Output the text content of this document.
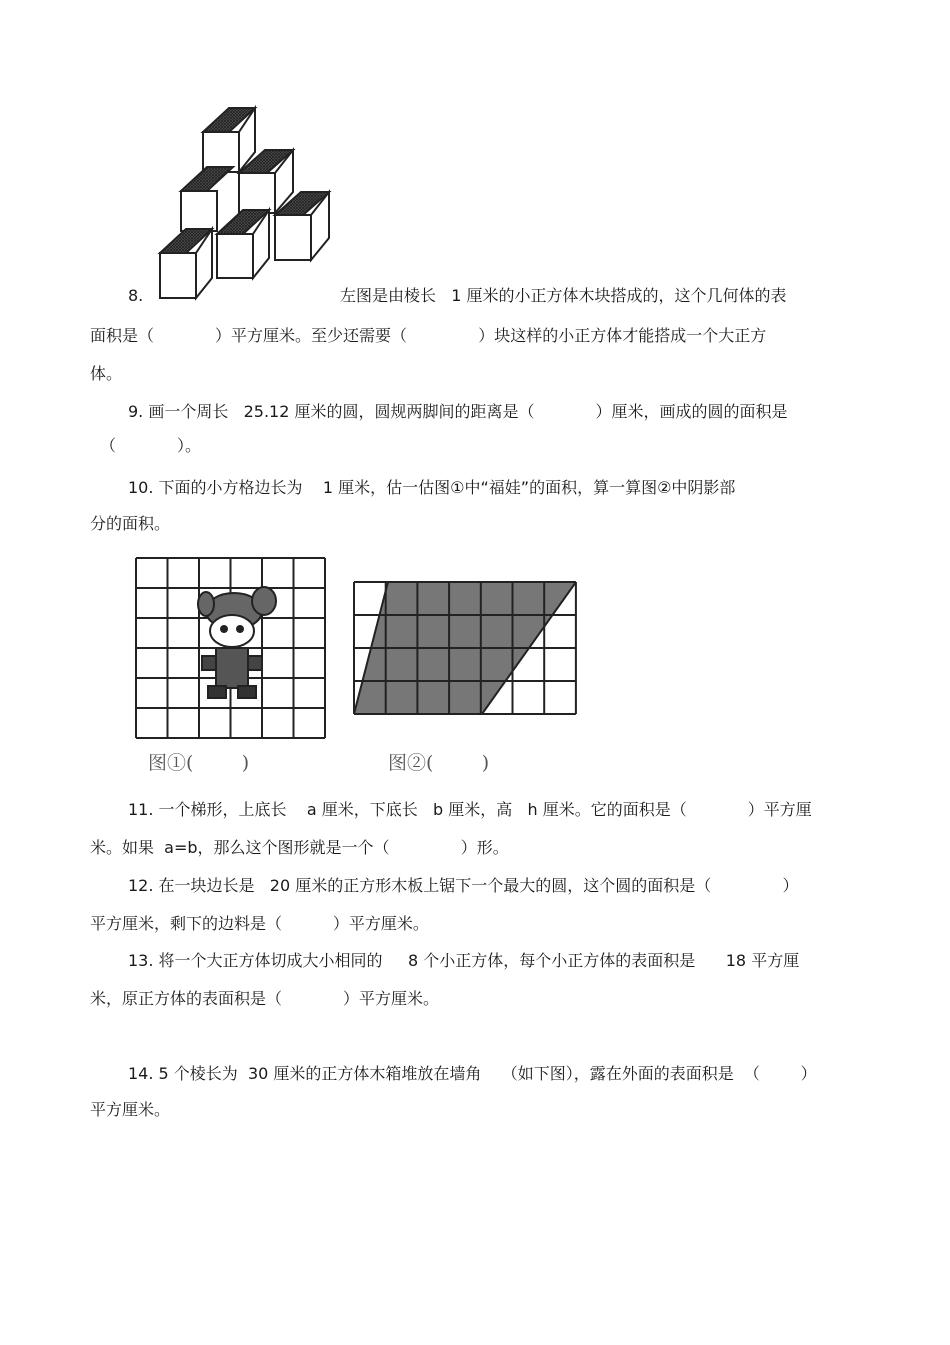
8.	左图是由棱长   1 厘米的小正方体木块搭成的，这个几何体的表
面积是（            ）平方厘米。至少还需要（              ）块这样的小正方体才能搭成一个大正方
体。
9. 画一个周长   25.12 厘米的圆，圆规两脚间的距离是（            ）厘米，画成的圆的面积是
（            ）。
10. 下面的小方格边长为    1 厘米，估一估图①中“福娃”的面积，算一算图②中阴影部
分的面积。
图①(        )	图②(        )
11. 一个梯形，上底长    a 厘米，下底长   b 厘米，高   h 厘米。它的面积是（            ）平方厘
米。如果  a=b，那么这个图形就是一个（              ）形。
12. 在一块边长是   20 厘米的正方形木板上锯下一个最大的圆，这个圆的面积是（              ）
平方厘米，剩下的边料是（          ）平方厘米。
13. 将一个大正方体切成大小相同的     8 个小正方体，每个小正方体的表面积是      18 平方厘
米，原正方体的表面积是（            ）平方厘米。
14. 5 个棱长为  30 厘米的正方体木箱堆放在墙角    （如下图），露在外面的表面积是  （        ）
平方厘米。
